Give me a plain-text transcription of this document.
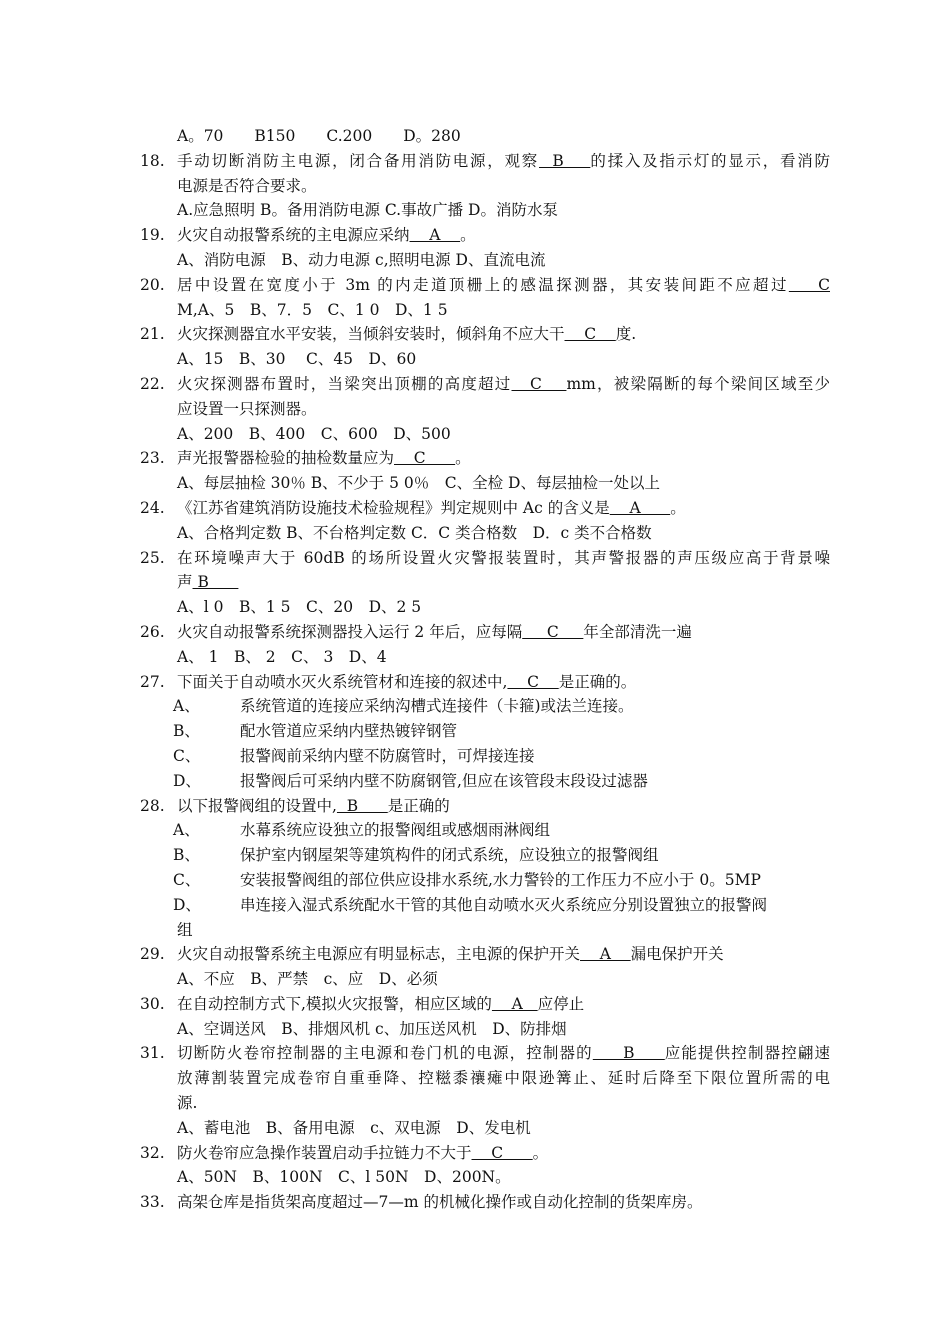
A。70　　B150　　C.200　　D。280
18. 手动切断消防主电源，闭合备用消防电源，观察  B    的揉入及指示灯的显示，看消防
电源是否符合要求。
A.应急照明 B。备用消防电源 C.事故广播 D。消防水泵
19. 火灾自动报警系统的主电源应采纳    A    。
A、消防电源　B、动力电源 c,照明电源 D、直流电流
20. 居中设置在宽度小于 3m 的内走道顶栅上的感温探测器，其安装间距不应超过    C
M,A、5　B、7．5　C、1 0　D、1 5
21. 火灾探测器宜水平安装，当倾斜安装时，倾斜角不应大干    C    度.
A、15　B、30　 C、45　D、60
22. 火灾探测器布置时，当梁突出顶棚的高度超过   C    mm，被梁隔断的每个梁间区域至少
应设置一只探测器。
A、200　B、400　C、600　D、500
23. 声光报警器检验的抽检数量应为    C      。
A、每层抽检 30％ B、不少于 5 0％　C、全检 D、每层抽检一处以上
24. 《江苏省建筑消防设施技术检验规程》判定规则中 Ac 的含义是    A      。
A、合格判定数 B、不台格判定数 C．C 类合格数　D．c 类不合格数
25. 在环境噪声大于 60dB 的场所设置火灾警报装置时，其声警报器的声压级应高于背景噪
声 B
A、l 0　B、1 5　C、20　D、2 5
26. 火灾自动报警系统探测器投入运行 2 年后，应每隔     C     年全部清洗一遍
A、 1　B、 2　C、 3　D、4
27. 下面关于自动喷水灭火系统管材和连接的叙述中,    C    是正确的。
A、	系统管道的连接应采纳沟槽式连接件（卡箍)或法兰连接。
B、	配水管道应采纳内壁热镀锌钢管
C、	报警阀前采纳内壁不防腐管时，可焊接连接
D、	报警阀后可采纳内壁不防腐钢管,但应在该管段末段设过滤器
28. 以下报警阀组的设置中,  B      是正确的
A、	水幕系统应设独立的报警阀组或感烟雨淋阀组
B、	保护室内钢屋架等建筑构件的闭式系统，应设独立的报警阀组
C、	安装报警阀组的部位供应设排水系统,水力警铃的工作压力不应小于 0。5MP
D、	串连接入湿式系统配水干管的其他自动喷水灭火系统应分别设置独立的报警阀
组
29. 火灾自动报警系统主电源应有明显标志，主电源的保护开关    A    漏电保护开关
A、不应　B、严禁　c、应　D、必须
30. 在自动控制方式下,模拟火灾报警，相应区域的    A   应停止
A、空调送风　B、排烟风机 c、加压送风机　D、防排烟
31. 切断防火卷帘控制器的主电源和卷门机的电源，控制器的     B     应能提供控制器控翩速
放薄割装置完成卷帘自重垂降、控糍黍禳瘫中限逊篝止、延时后降至下限位置所需的电
源.
A、蓄电池　B、备用电源　c、双电源　D、发电机
32. 防火卷帘应急操作装置启动手拉链力不大于    C      。
A、50N　B、100N　C、l 50N　D、200N。
33. 高架仓库是指货架高度超过—7—m 的机械化操作或自动化控制的货架库房。
